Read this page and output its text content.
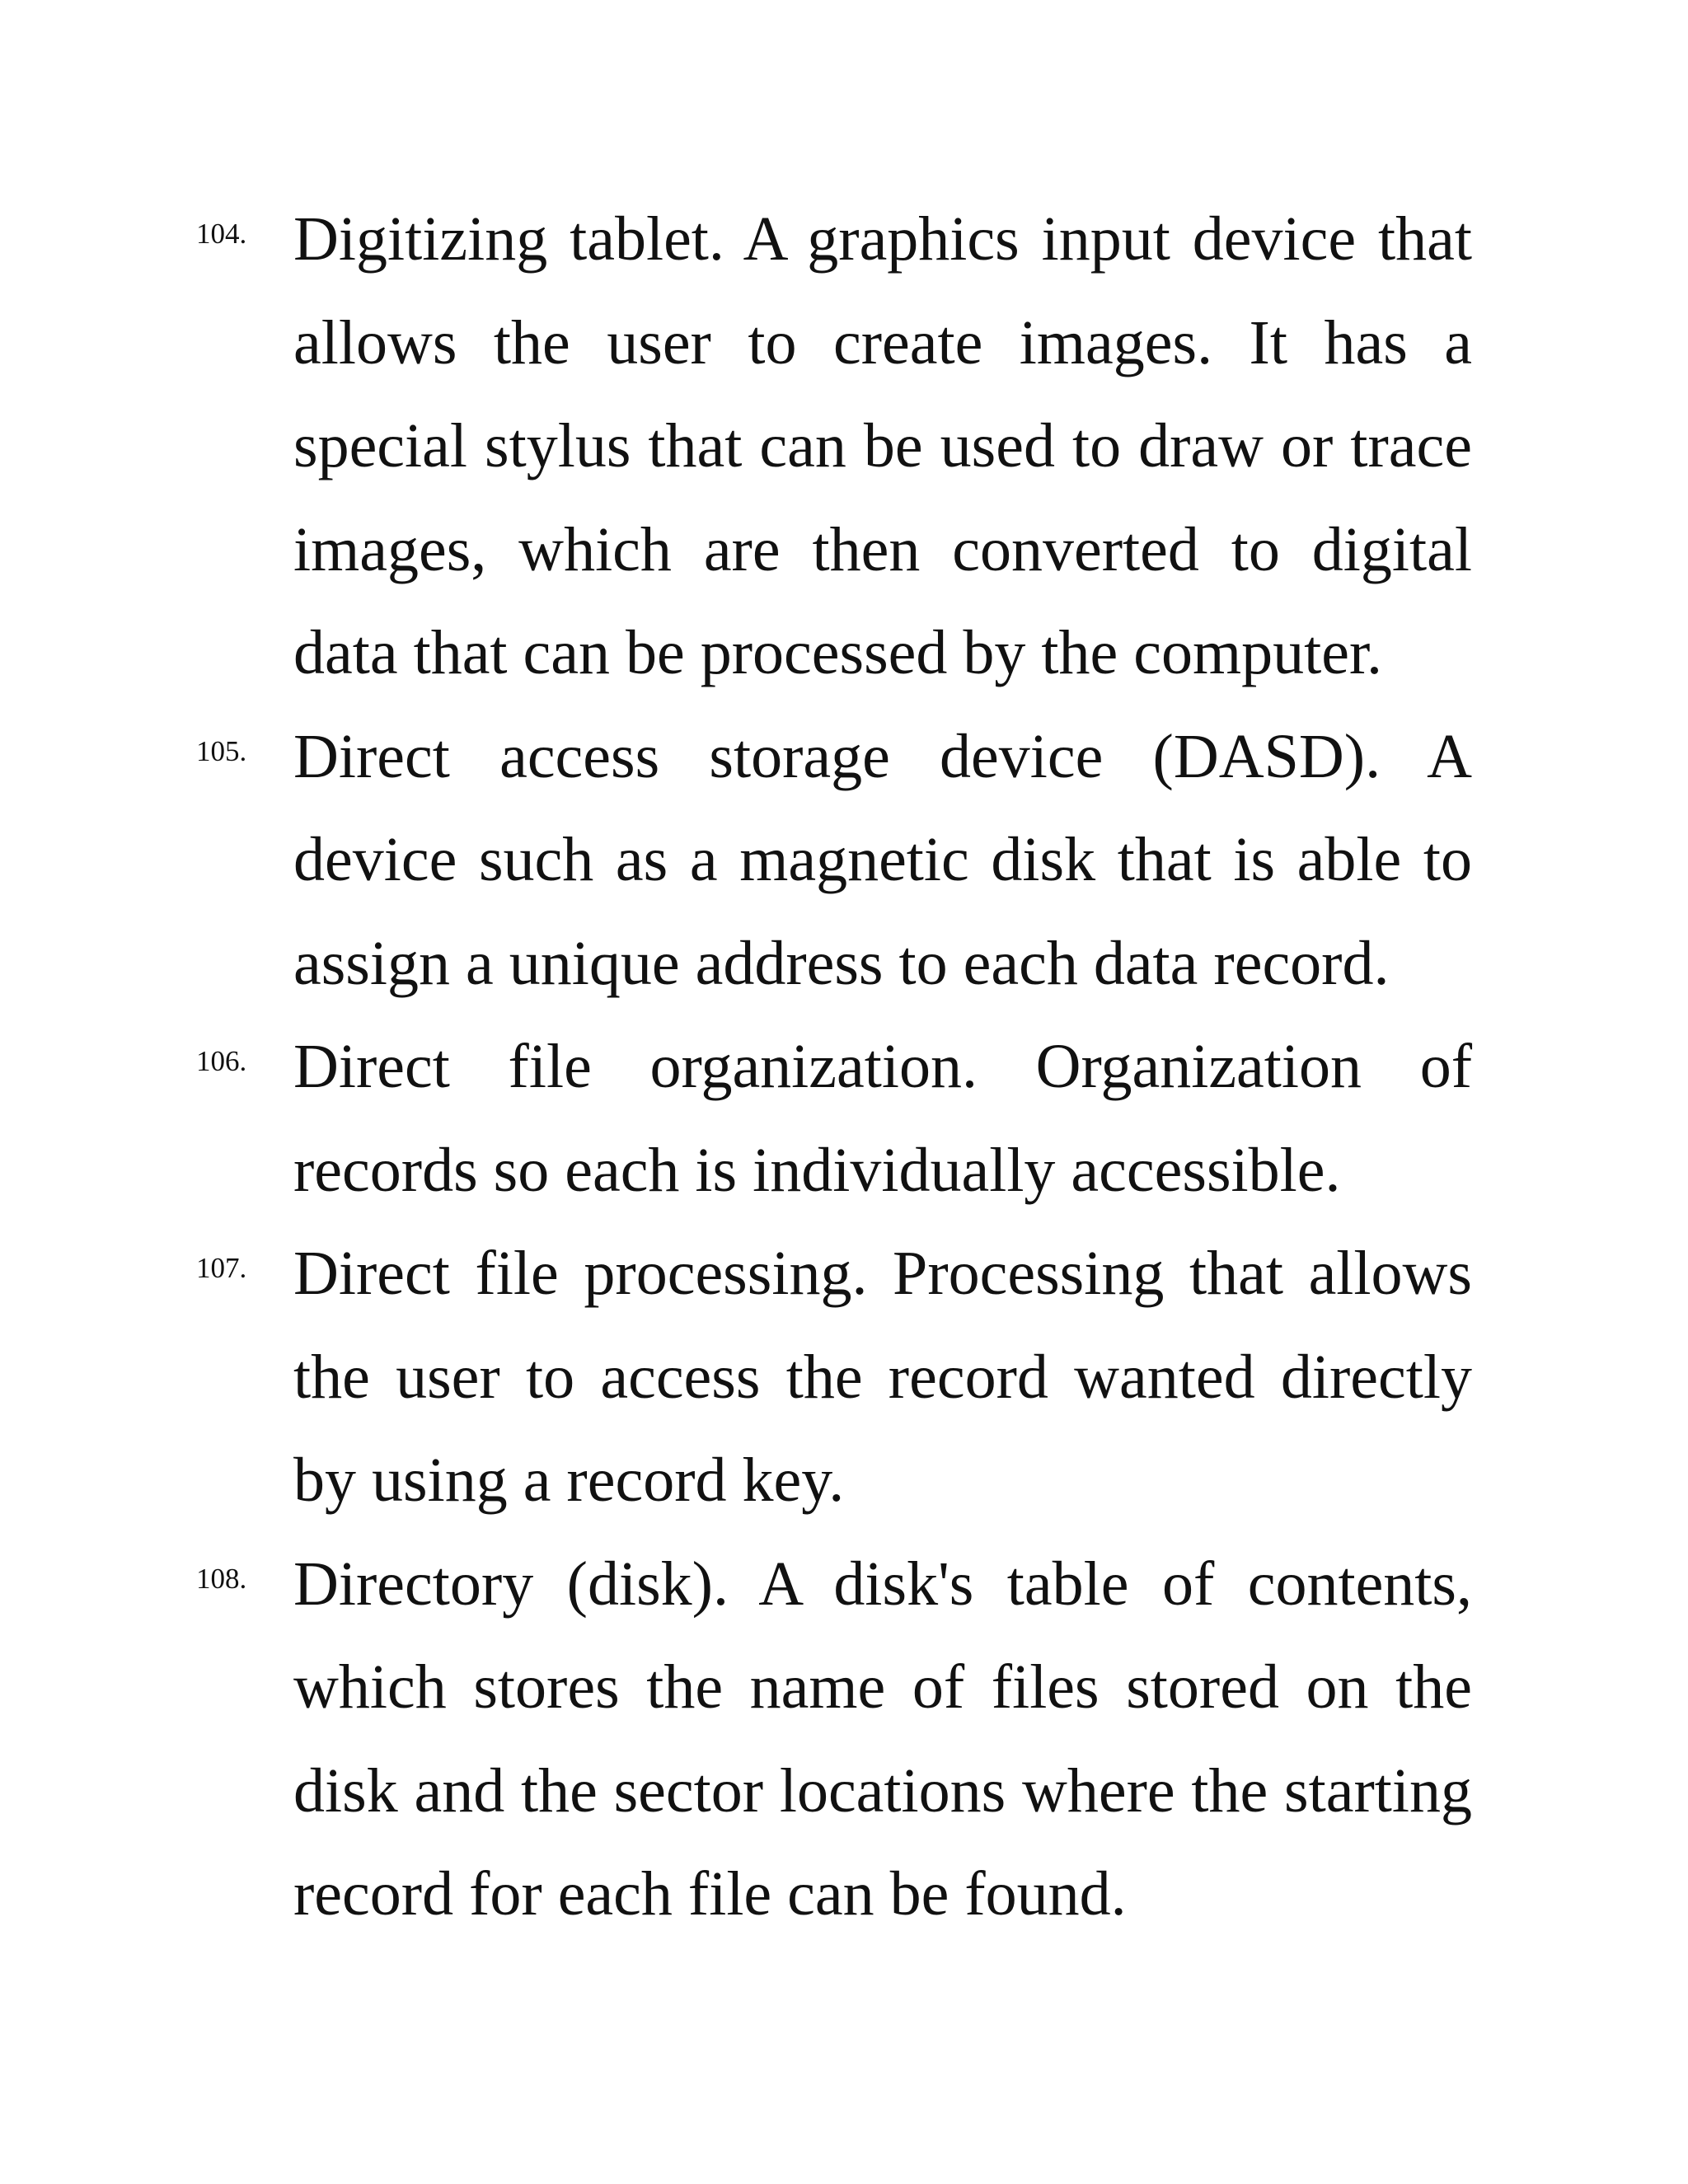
104. Digitizing tablet. A graphics input device that allows the user to create images. It has a special stylus that can be used to draw or trace images, which are then converted to digital data that can be processed by the computer.

105. Direct access storage device (DASD). A device such as a magnetic disk that is able to assign a unique address to each data record.

106. Direct file organization. Organization of records so each is individually accessible.

107. Direct file processing. Processing that allows the user to access the record wanted directly by using a record key.

108. Directory (disk). A disk's table of contents, which stores the name of files stored on the disk and the sector locations where the starting record for each file can be found.
